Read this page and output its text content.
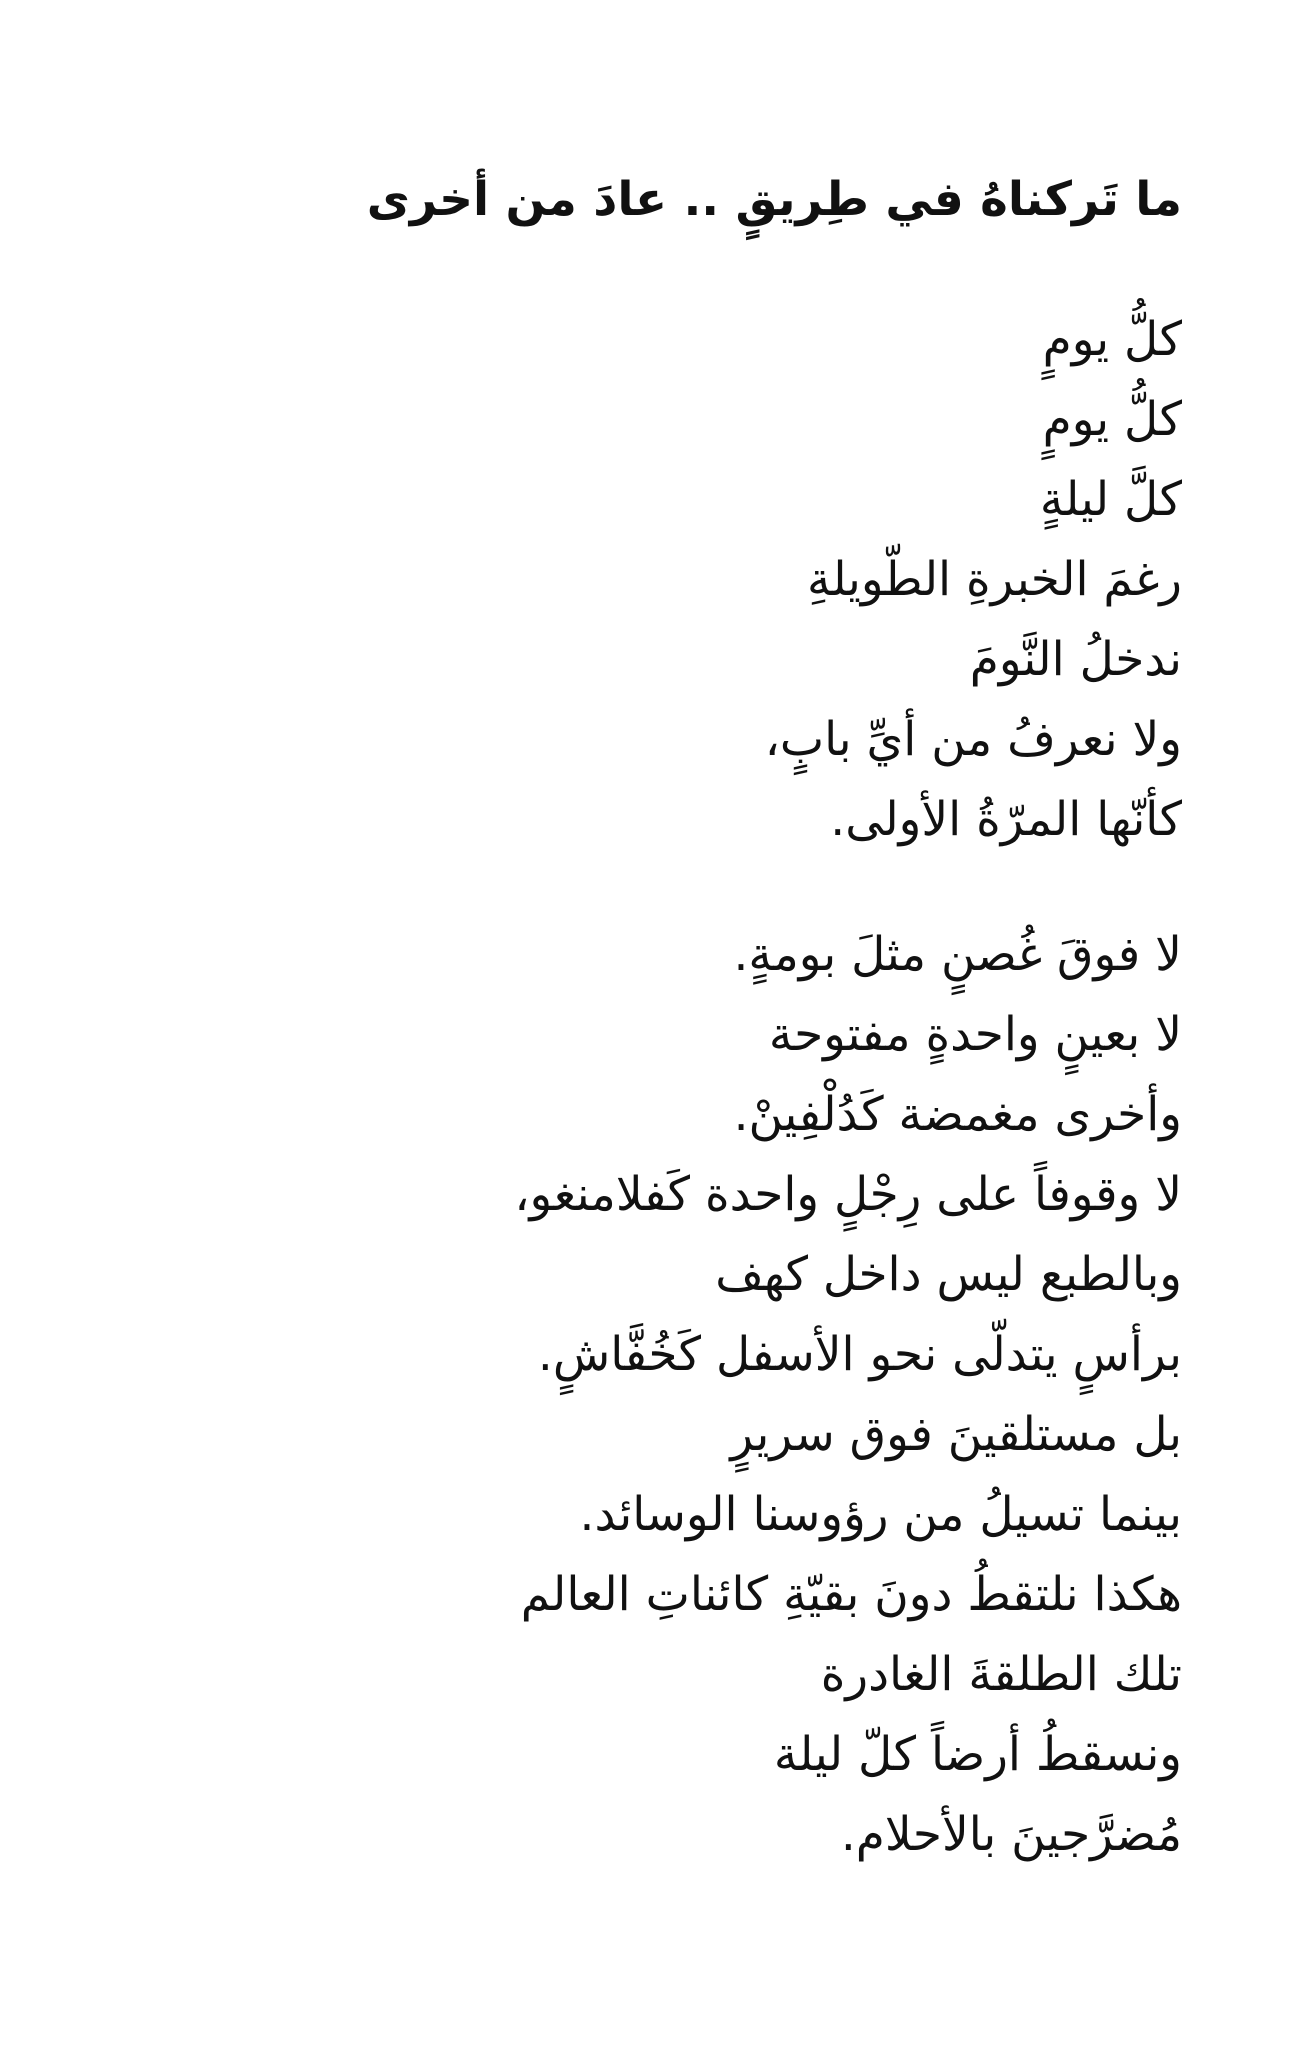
ما تَركناهُ في طِريقٍ .. عادَ من أخرى
كلُّ يومٍ
كلُّ يومٍ
كلَّ ليلةٍ
رغمَ الخبرةِ الطّويلةِ
ندخلُ النَّومَ
ولا نعرفُ من أيِّ بابٍ،
كأنّها المرّةُ الأولى.
لا فوقَ غُصنٍ مثلَ بومةٍ.
لا بعينٍ واحدةٍ مفتوحة
وأخرى مغمضة كَدُلْفِينْ.
لا وقوفاً على رِجْلٍ واحدة كَفلامنغو،
وبالطبع ليس داخل كهف
برأسٍ يتدلّى نحو الأسفل كَخُفَّاشٍ.
بل مستلقينَ فوق سريرٍ
بينما تسيلُ من رؤوسنا الوسائد.
هكذا نلتقطُ دونَ بقيّةِ كائناتِ العالم
تلك الطلقةَ الغادرة
ونسقطُ أرضاً كلّ ليلة
مُضرَّجينَ بالأحلام.
